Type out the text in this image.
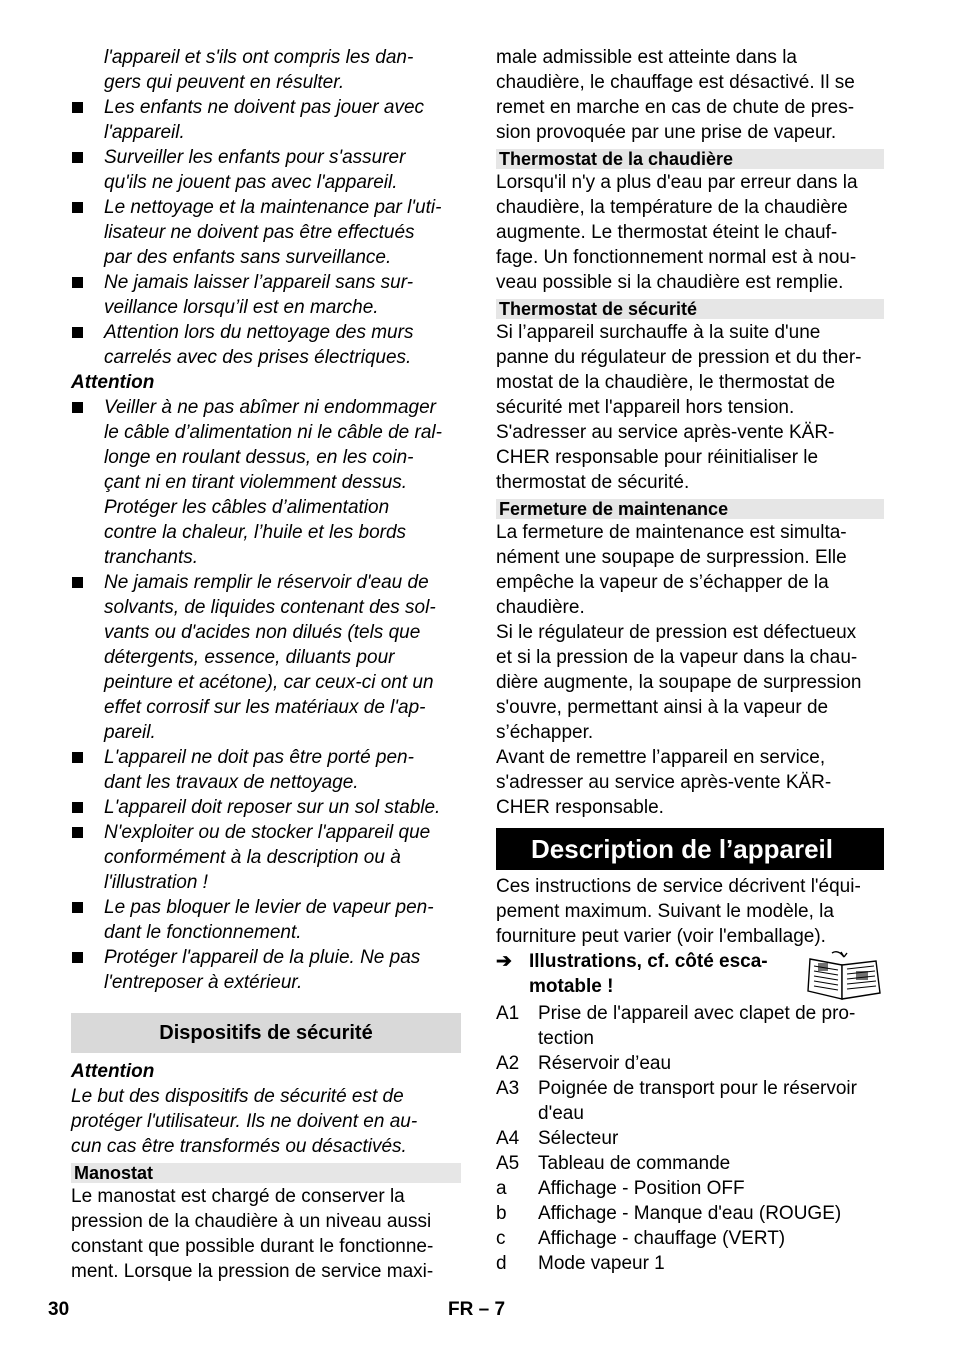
l'appareil et s'ils ont compris les dan-
gers qui peuvent en résulter.
Les enfants ne doivent pas jouer avec
l'appareil.
Surveiller les enfants pour s'assurer
qu'ils ne jouent pas avec l'appareil.
Le nettoyage et la maintenance par l'uti-
lisateur ne doivent pas être effectués
par des enfants sans surveillance.
Ne jamais laisser l’appareil sans sur-
veillance lorsqu’il est en marche.
Attention lors du nettoyage des murs
carrelés avec des prises électriques.
Attention
Veiller à ne pas abîmer ni endommager
le câble d’alimentation ni le câble de ral-
longe en roulant dessus, en les coin-
çant ni en tirant violemment dessus.
Protéger les câbles d’alimentation
contre la chaleur, l’huile et les bords
tranchants.
Ne jamais remplir le réservoir d'eau de
solvants, de liquides contenant des sol-
vants ou d'acides non dilués (tels que
détergents, essence, diluants pour
peinture et acétone), car ceux-ci ont un
effet corrosif sur les matériaux de l'ap-
pareil.
L'appareil ne doit pas être porté pen-
dant les travaux de nettoyage.
L'appareil doit reposer sur un sol stable.
N'exploiter ou de stocker l'appareil que
conformément à la description ou à
l'illustration !
Le pas bloquer le levier de vapeur pen-
dant le fonctionnement.
Protéger l'appareil de la pluie. Ne pas
l'entreposer à extérieur.
Dispositifs de sécurité
Attention
Le but des dispositifs de sécurité est de
protéger l'utilisateur. Ils ne doivent en au-
cun cas être transformés ou désactivés.
Manostat
Le manostat est chargé de conserver la
pression de la chaudière à un niveau aussi
constant que possible durant le fonctionne-
ment. Lorsque la pression de service maxi-
male admissible est atteinte dans la
chaudière, le chauffage est désactivé. Il se
remet en marche en cas de chute de pres-
sion provoquée par une prise de vapeur.
Thermostat de la chaudière
Lorsqu'il n'y a plus d'eau par erreur dans la
chaudière, la température de la chaudière
augmente. Le thermostat éteint le chauf-
fage. Un fonctionnement normal est à nou-
veau possible si la chaudière est remplie.
Thermostat de sécurité
Si l’appareil surchauffe à la suite d'une
panne du régulateur de pression et du ther-
mostat de la chaudière, le thermostat de
sécurité met l'appareil hors tension.
S'adresser au service après-vente KÄR-
CHER responsable pour réinitialiser le
thermostat de sécurité.
Fermeture de maintenance
La fermeture de maintenance est simulta-
nément une soupape de surpression. Elle
empêche la vapeur de s’échapper de la
chaudière.
Si le régulateur de pression est défectueux
et si la pression de la vapeur dans la chau-
dière augmente, la soupape de surpression
s'ouvre, permettant ainsi à la vapeur de
s’échapper.
Avant de remettre l’appareil en service,
s'adresser au service après-vente KÄR-
CHER responsable.
Description de l’appareil
Ces instructions de service décrivent l'équi-
pement maximum. Suivant le modèle, la
fourniture peut varier (voir l'emballage).
➔ Illustrations, cf. côté esca-
motable !
A1 Prise de l'appareil avec clapet de pro-
tection
A2 Réservoir d’eau
A3 Poignée de transport pour le réservoir
d'eau
A4 Sélecteur
A5 Tableau de commande
a Affichage - Position OFF
b Affichage - Manque d'eau (ROUGE)
c Affichage - chauffage (VERT)
d Mode vapeur 1
30	FR – 7
